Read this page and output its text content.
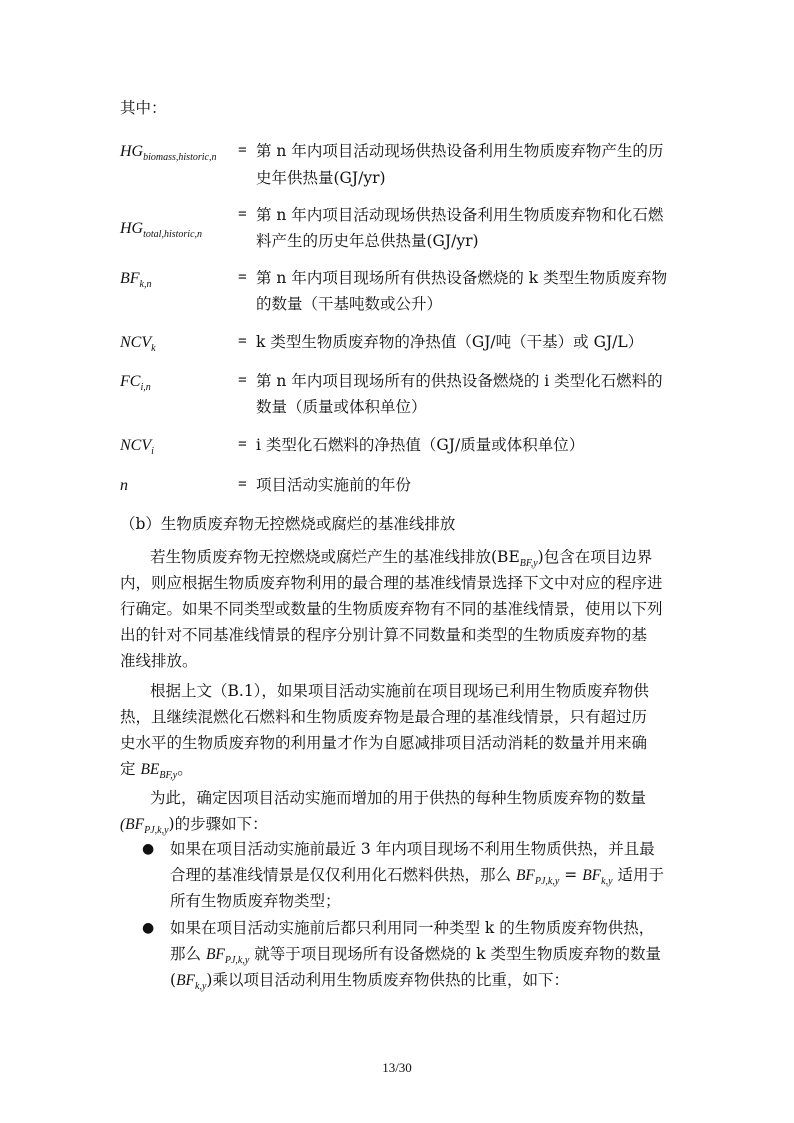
其中：
$HG_{biomass,historic,n}$ = 第 n 年内项目活动现场供热设备利用生物质废弃物产生的历
史年供热量(GJ/yr)
$HG_{total,historic,n}$
= 第 n 年内项目活动现场供热设备利用生物质废弃物和化石燃
料产生的历史年总供热量(GJ/yr)
$BF_{k,n}$	= 第 n 年内项目现场所有供热设备燃烧的 k 类型生物质废弃物
的数量（干基吨数或公升）
$NCV_k$	= k 类型生物质废弃物的净热值（GJ/吨（干基）或 GJ/L）
$FC_{i,n}$	= 第 n 年内项目现场所有的供热设备燃烧的 i 类型化石燃料的
数量（质量或体积单位）
$NCV_i$	= i 类型化石燃料的净热值（GJ/质量或体积单位）
n	= 项目活动实施前的年份
（b）生物质废弃物无控燃烧或腐烂的基准线排放
若生物质废弃物无控燃烧或腐烂产生的基准线排放$(BE_{BF,y})$包含在项目边界
内，则应根据生物质废弃物利用的最合理的基准线情景选择下文中对应的程序进
行确定。如果不同类型或数量的生物质废弃物有不同的基准线情景，使用以下列
出的针对不同基准线情景的程序分别计算不同数量和类型的生物质废弃物的基
准线排放。
根据上文（B.1），如果项目活动实施前在项目现场已利用生物质废弃物供
热，且继续混燃化石燃料和生物质废弃物是最合理的基准线情景，只有超过历
史水平的生物质废弃物的利用量才作为自愿减排项目活动消耗的数量并用来确
定 $BE_{BF,y}$。
为此，确定因项目活动实施而增加的用于供热的每种生物质废弃物的数量
$(BF_{PJ,k,y})$的步骤如下：
● 如果在项目活动实施前最近 3 年内项目现场不利用生物质供热，并且最
合理的基准线情景是仅仅利用化石燃料供热，那么 $BF_{PJ,k,y} = BF_{k,y}$ 适用于
所有生物质废弃物类型；
● 如果在项目活动实施前后都只利用同一种类型 k 的生物质废弃物供热，
那么 $BF_{PJ,k,y}$ 就等于项目现场所有设备燃烧的 k 类型生物质废弃物的数量
$(BF_{k,y})$乘以项目活动利用生物质废弃物供热的比重，如下：
13/30
